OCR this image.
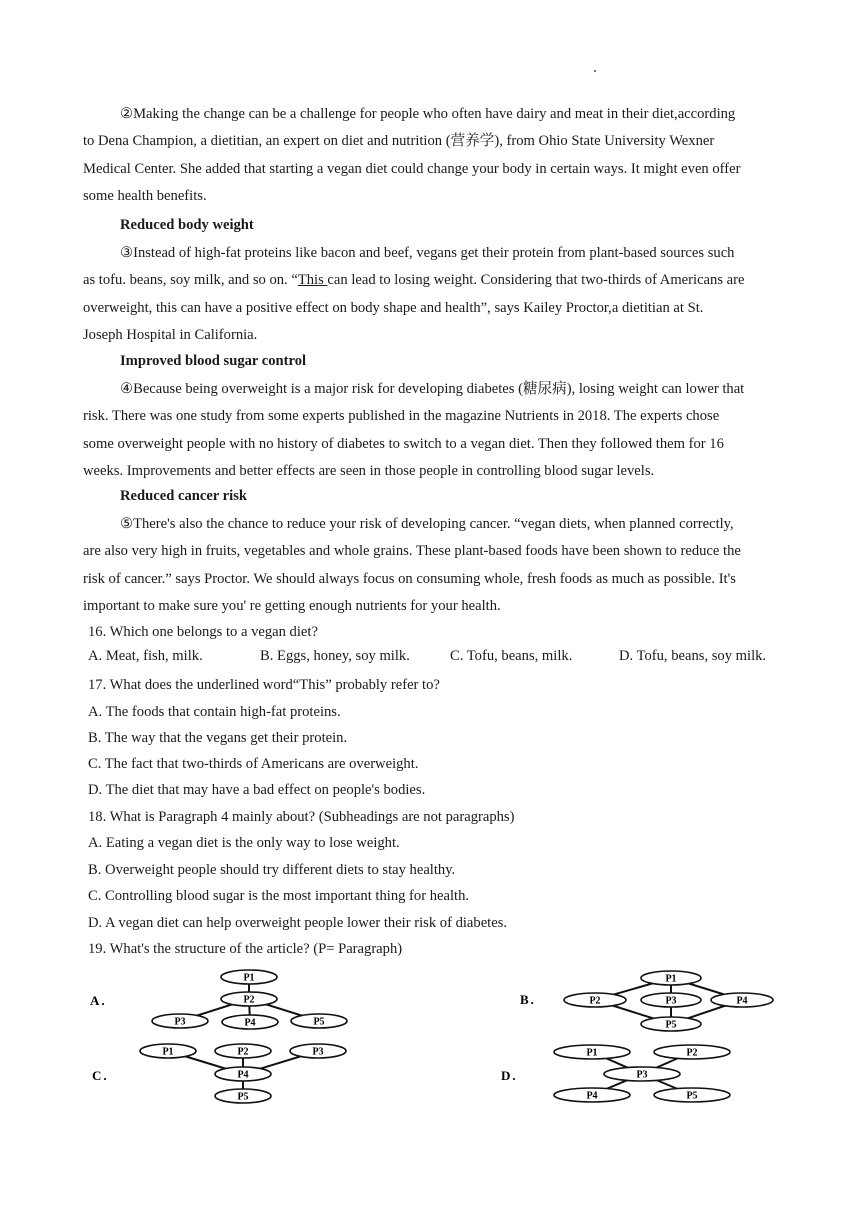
②Making the change can be a challenge for people who often have dairy and meat in their diet,according
to Dena Champion, a dietitian, an expert on diet and nutrition (营养学), from Ohio State University Wexner
Medical Center. She added that starting a vegan diet could change your body in certain ways. It might even offer
some health benefits.
Reduced body weight
③Instead of high-fat proteins like bacon and beef, vegans get their protein from plant-based sources such
as tofu. beans, soy milk, and so on. “This can lead to losing weight. Considering that two-thirds of Americans are
overweight, this can have a positive effect on body shape and health”, says Kailey Proctor,a dietitian at St.
Joseph Hospital in California.
Improved blood sugar control
④Because being overweight is a major risk for developing diabetes (糖尿病), losing weight can lower that
risk. There was one study from some experts published in the magazine Nutrients in 2018. The experts chose
some overweight people with no history of diabetes to switch to a vegan diet. Then they followed them for 16
weeks. Improvements and better effects are seen in those people in controlling blood sugar levels.
Reduced cancer risk
⑤There's also the chance to reduce your risk of developing cancer. “vegan diets, when planned correctly,
are also very high in fruits, vegetables and whole grains. These plant-based foods have been shown to reduce the
risk of cancer.” says Proctor. We should always focus on consuming whole, fresh foods as much as possible. It's
important to make sure you' re getting enough nutrients for your health.
16. Which one belongs to a vegan diet?
A. Meat, fish, milk.	B. Eggs, honey, soy milk.	C. Tofu, beans, milk.	D. Tofu, beans, soy milk.
17. What does the underlined word“This” probably refer to?
A. The foods that contain high-fat proteins.
B. The way that the vegans get their protein.
C. The fact that two-thirds of Americans are overweight.
D. The diet that may have a bad effect on people's bodies.
18. What is Paragraph 4 mainly about? (Subheadings are not paragraphs)
A. Eating a vegan diet is the only way to lose weight.
B. Overweight people should try different diets to stay healthy.
C. Controlling blood sugar is the most important thing for health.
D. A vegan diet can help overweight people lower their risk of diabetes.
19. What's the structure of the article? (P= Paragraph)
P1
P2
P3	P4	P5
A.
P1
P2	P3	P4
P5
B.
P1	P2	P3
P4
P5
C.
P1	P2
P3
P4	P5
D.
